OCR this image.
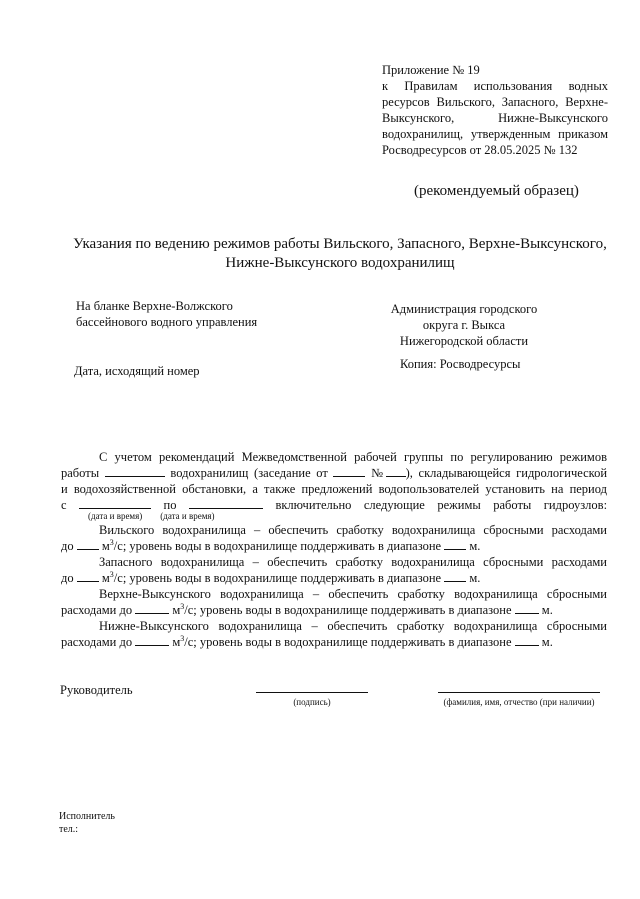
Приложение № 19
к Правилам использования водных
ресурсов Вильского, Запасного, Верхне-
Выксунского, Нижне-Выксунского
водохранилищ, утвержденным приказом
Росводресурсов от 28.05.2025 № 132
(рекомендуемый образец)
Указания по ведению режимов работы Вильского, Запасного, Верхне-Выксунского,
Нижне-Выксунского водохранилищ
На бланке Верхне-Волжского
бассейнового водного управления
Администрация городского
округа г. Выкса
Нижегородской области
Дата, исходящий номер	Копия: Росводресурсы
С учетом рекомендаций Межведомственной рабочей группы по регулированию режимов
работы	водохранилищ (заседание от	№ ), складывающейся гидрологической
и водохозяйственной обстановки, а также предложений водопользователей установить на период
с	по	включительно следующие режимы работы гидроузлов:
(дата и время) (дата и время)
Вильского водохранилища – обеспечить сработку водохранилища сбросными расходами
до $м^3/с$; уровень воды в водохранилище поддерживать в диапазоне м.
Запасного водохранилища – обеспечить сработку водохранилища сбросными расходами
до $м^3/с$; уровень воды в водохранилище поддерживать в диапазоне м.
Верхне-Выксунского водохранилища – обеспечить сработку водохранилища сбросными
расходами до	$м^3/с$; уровень воды в водохранилище поддерживать в диапазоне м.
Нижне-Выксунского водохранилища – обеспечить сработку водохранилища сбросными
расходами до	$м^3/с$; уровень воды в водохранилище поддерживать в диапазоне м.
Руководитель
(подпись)	(фамилия, имя, отчество (при наличии)
Исполнитель
тел.:
